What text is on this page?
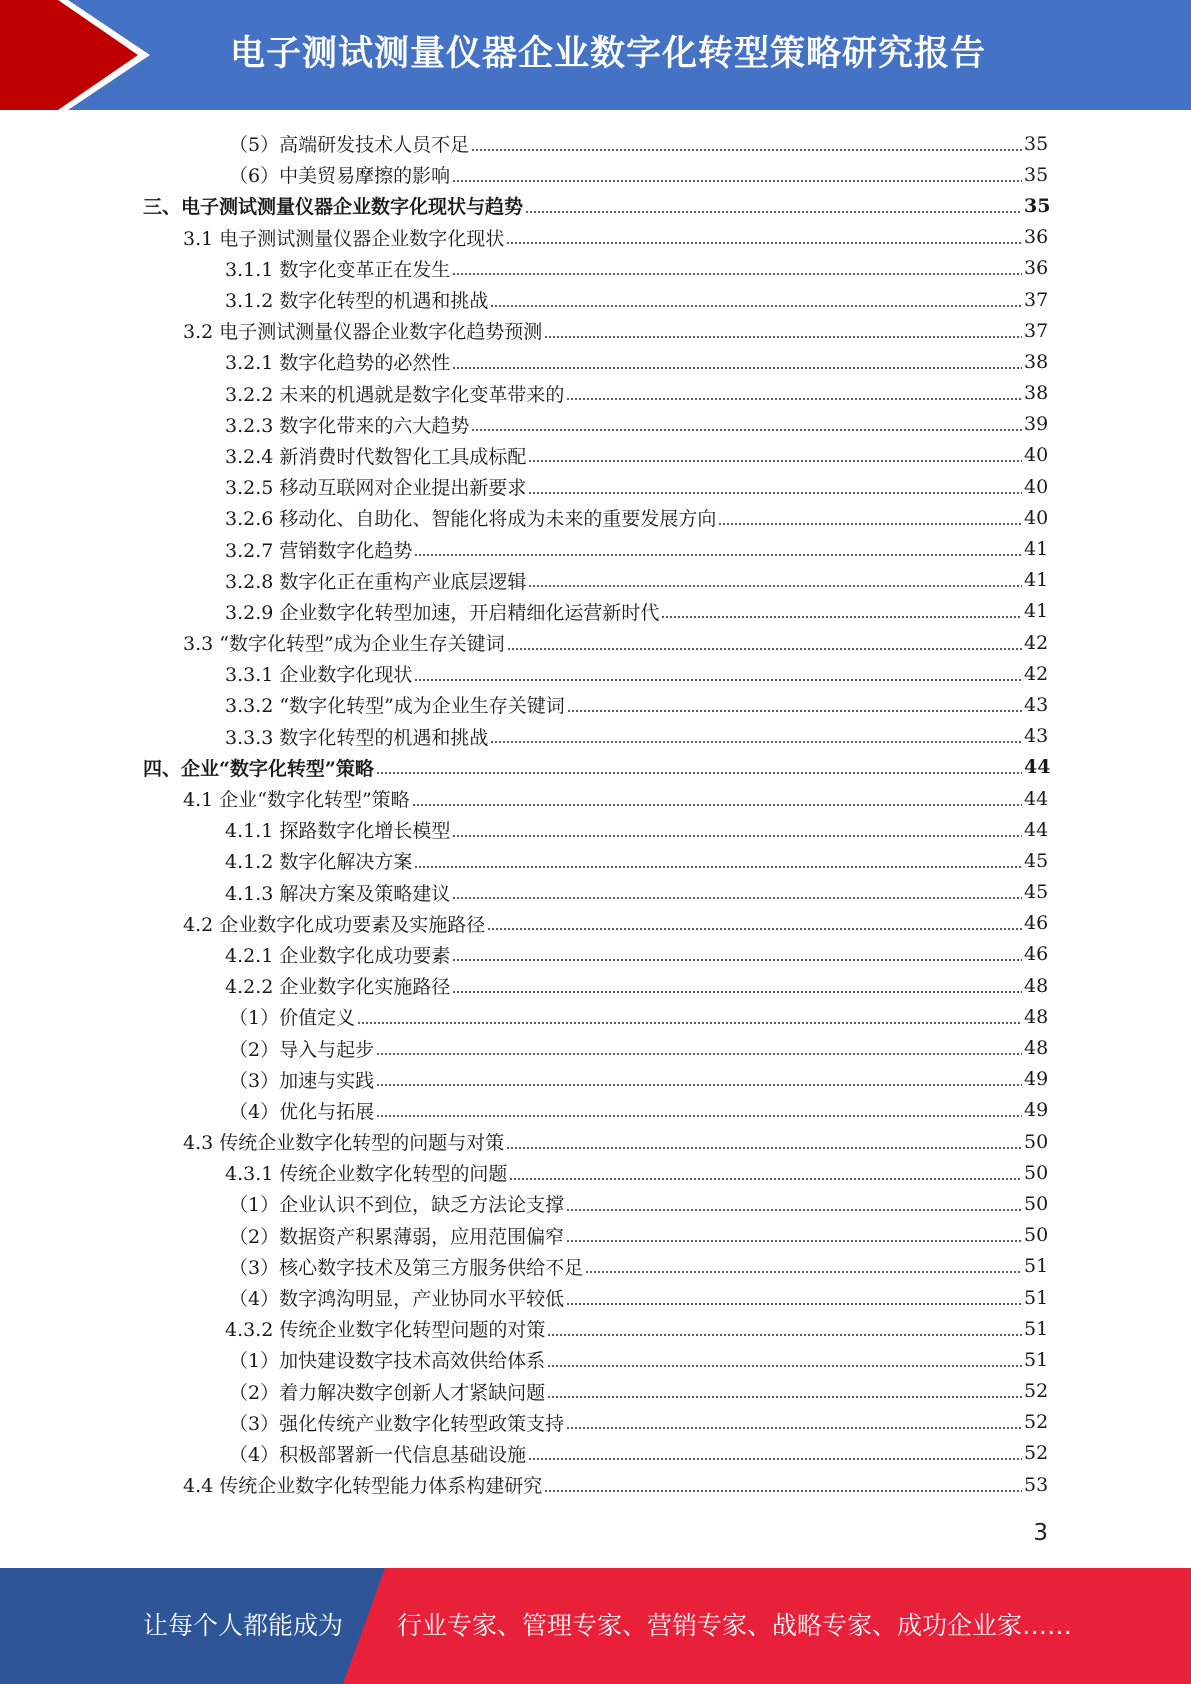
电子测试测量仪器企业数字化转型策略研究报告
（5）高端研发技术人员不足	35
（6）中美贸易摩擦的影响	35
三、电子测试测量仪器企业数字化现状与趋势	35
3.1 电子测试测量仪器企业数字化现状	36
3.1.1 数字化变革正在发生	36
3.1.2 数字化转型的机遇和挑战	37
3.2 电子测试测量仪器企业数字化趋势预测	37
3.2.1 数字化趋势的必然性	38
3.2.2 未来的机遇就是数字化变革带来的	38
3.2.3 数字化带来的六大趋势	39
3.2.4 新消费时代数智化工具成标配	40
3.2.5 移动互联网对企业提出新要求	40
3.2.6 移动化、自助化、智能化将成为未来的重要发展方向	40
3.2.7 营销数字化趋势	41
3.2.8 数字化正在重构产业底层逻辑	41
3.2.9 企业数字化转型加速，开启精细化运营新时代	41
3.3 “数字化转型”成为企业生存关键词	42
3.3.1 企业数字化现状	42
3.3.2 “数字化转型”成为企业生存关键词	43
3.3.3 数字化转型的机遇和挑战	43
四、企业“数字化转型”策略	44
4.1 企业“数字化转型”策略	44
4.1.1 探路数字化增长模型	44
4.1.2 数字化解决方案	45
4.1.3 解决方案及策略建议	45
4.2 企业数字化成功要素及实施路径	46
4.2.1 企业数字化成功要素	46
4.2.2 企业数字化实施路径	48
（1）价值定义	48
（2）导入与起步	48
（3）加速与实践	49
（4）优化与拓展	49
4.3 传统企业数字化转型的问题与对策	50
4.3.1 传统企业数字化转型的问题	50
（1）企业认识不到位，缺乏方法论支撑	50
（2）数据资产积累薄弱，应用范围偏窄	50
（3）核心数字技术及第三方服务供给不足	51
（4）数字鸿沟明显，产业协同水平较低	51
4.3.2 传统企业数字化转型问题的对策	51
（1）加快建设数字技术高效供给体系	51
（2）着力解决数字创新人才紧缺问题	52
（3）强化传统产业数字化转型政策支持	52
（4）积极部署新一代信息基础设施	52
4.4 传统企业数字化转型能力体系构建研究	53
3
让每个人都能成为 行业专家、管理专家、营销专家、战略专家、成功企业家……
